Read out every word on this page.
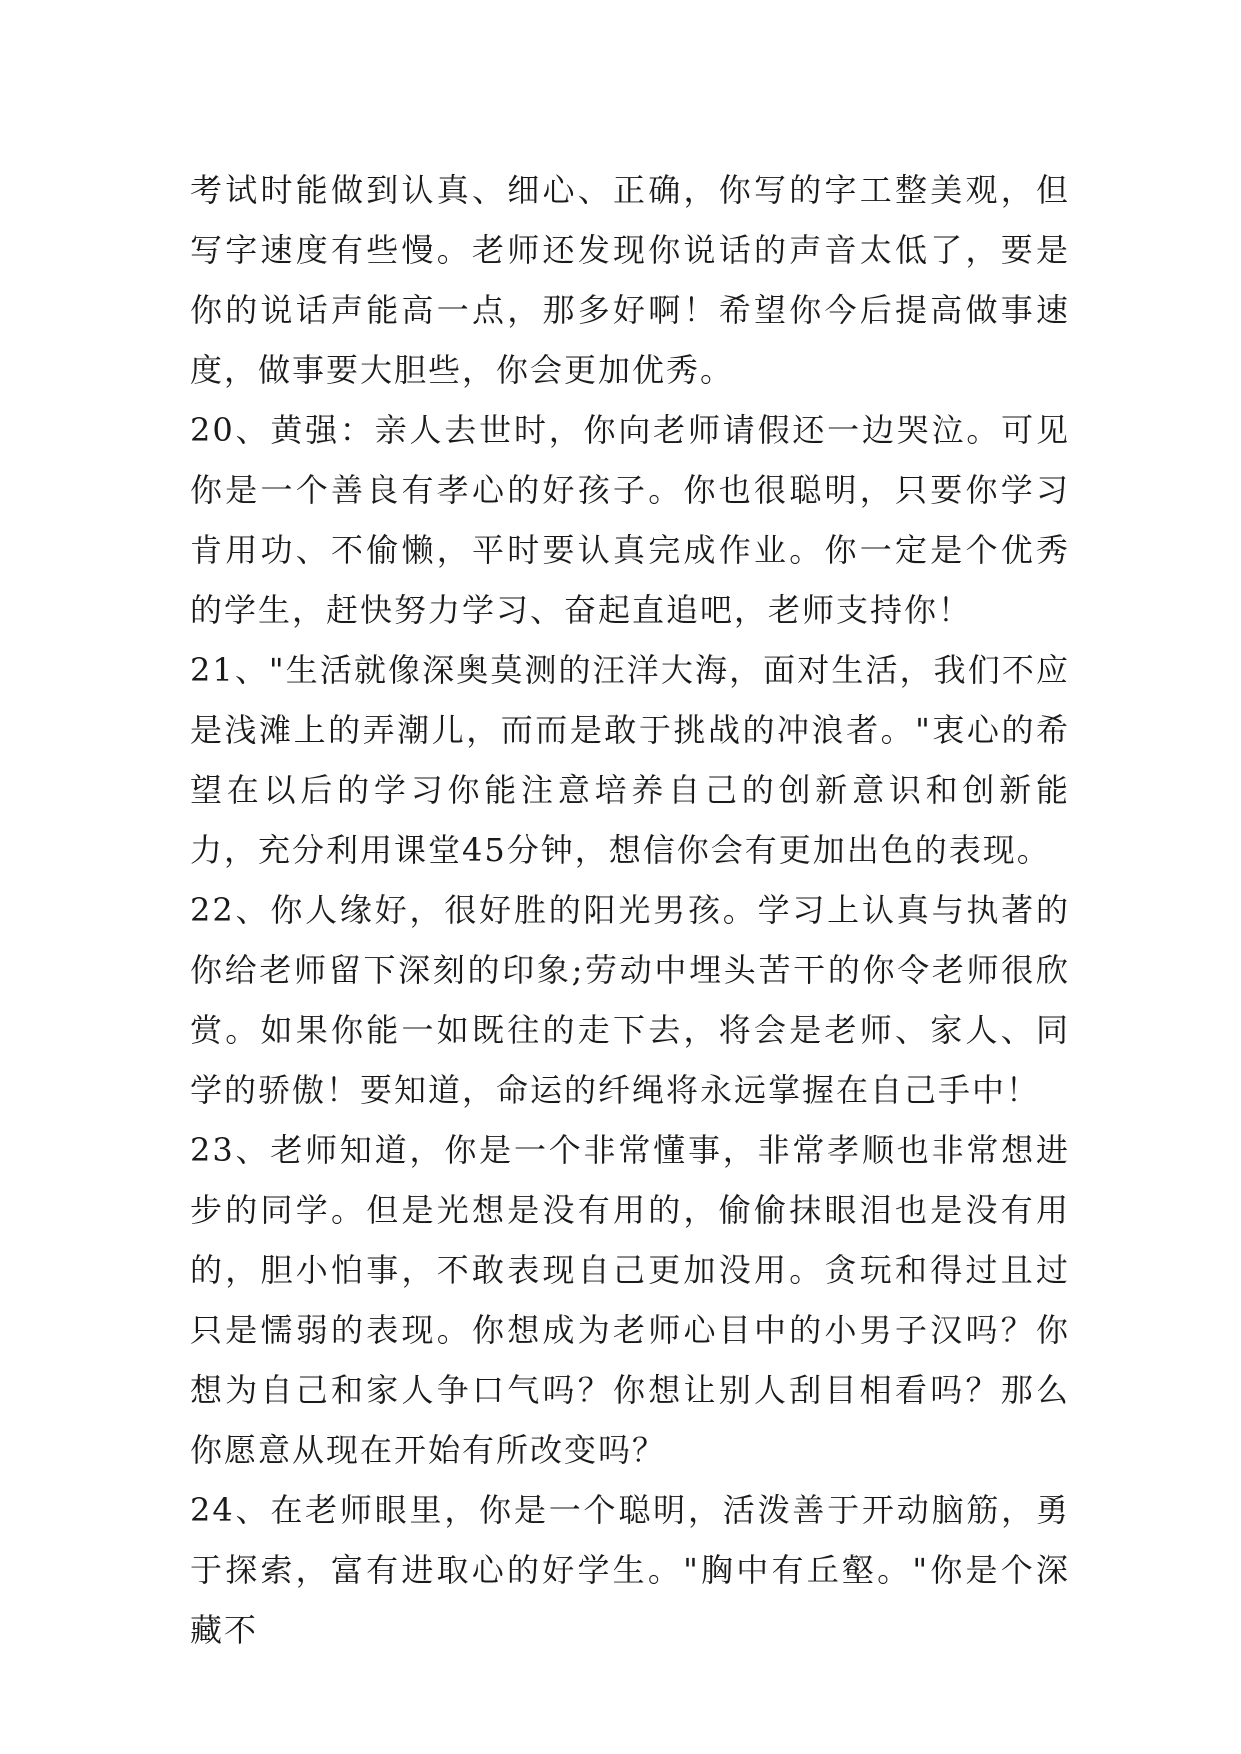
考试时能做到认真、细心、正确，你写的字工整美观，但写字速度有些慢。老师还发现你说话的声音太低了，要是你的说话声能高一点，那多好啊！希望你今后提高做事速度，做事要大胆些，你会更加优秀。

20、黄强：亲人去世时，你向老师请假还一边哭泣。可见你是一个善良有孝心的好孩子。你也很聪明，只要你学习肯用功、不偷懒，平时要认真完成作业。你一定是个优秀的学生，赶快努力学习、奋起直追吧，老师支持你！

21、"生活就像深奥莫测的汪洋大海，面对生活，我们不应是浅滩上的弄潮儿，而而是敢于挑战的冲浪者。"衷心的希望在以后的学习你能注意培养自己的创新意识和创新能力，充分利用课堂45分钟，想信你会有更加出色的表现。

22、你人缘好，很好胜的阳光男孩。学习上认真与执著的你给老师留下深刻的印象;劳动中埋头苦干的你令老师很欣赏。如果你能一如既往的走下去，将会是老师、家人、同学的骄傲！要知道，命运的纤绳将永远掌握在自己手中！

23、老师知道，你是一个非常懂事，非常孝顺也非常想进步的同学。但是光想是没有用的，偷偷抹眼泪也是没有用的，胆小怕事，不敢表现自己更加没用。贪玩和得过且过只是懦弱的表现。你想成为老师心目中的小男子汉吗？你想为自己和家人争口气吗？你想让别人刮目相看吗？那么你愿意从现在开始有所改变吗？

24、在老师眼里，你是一个聪明，活泼善于开动脑筋，勇于探索，富有进取心的好学生。"胸中有丘壑。"你是个深藏不
